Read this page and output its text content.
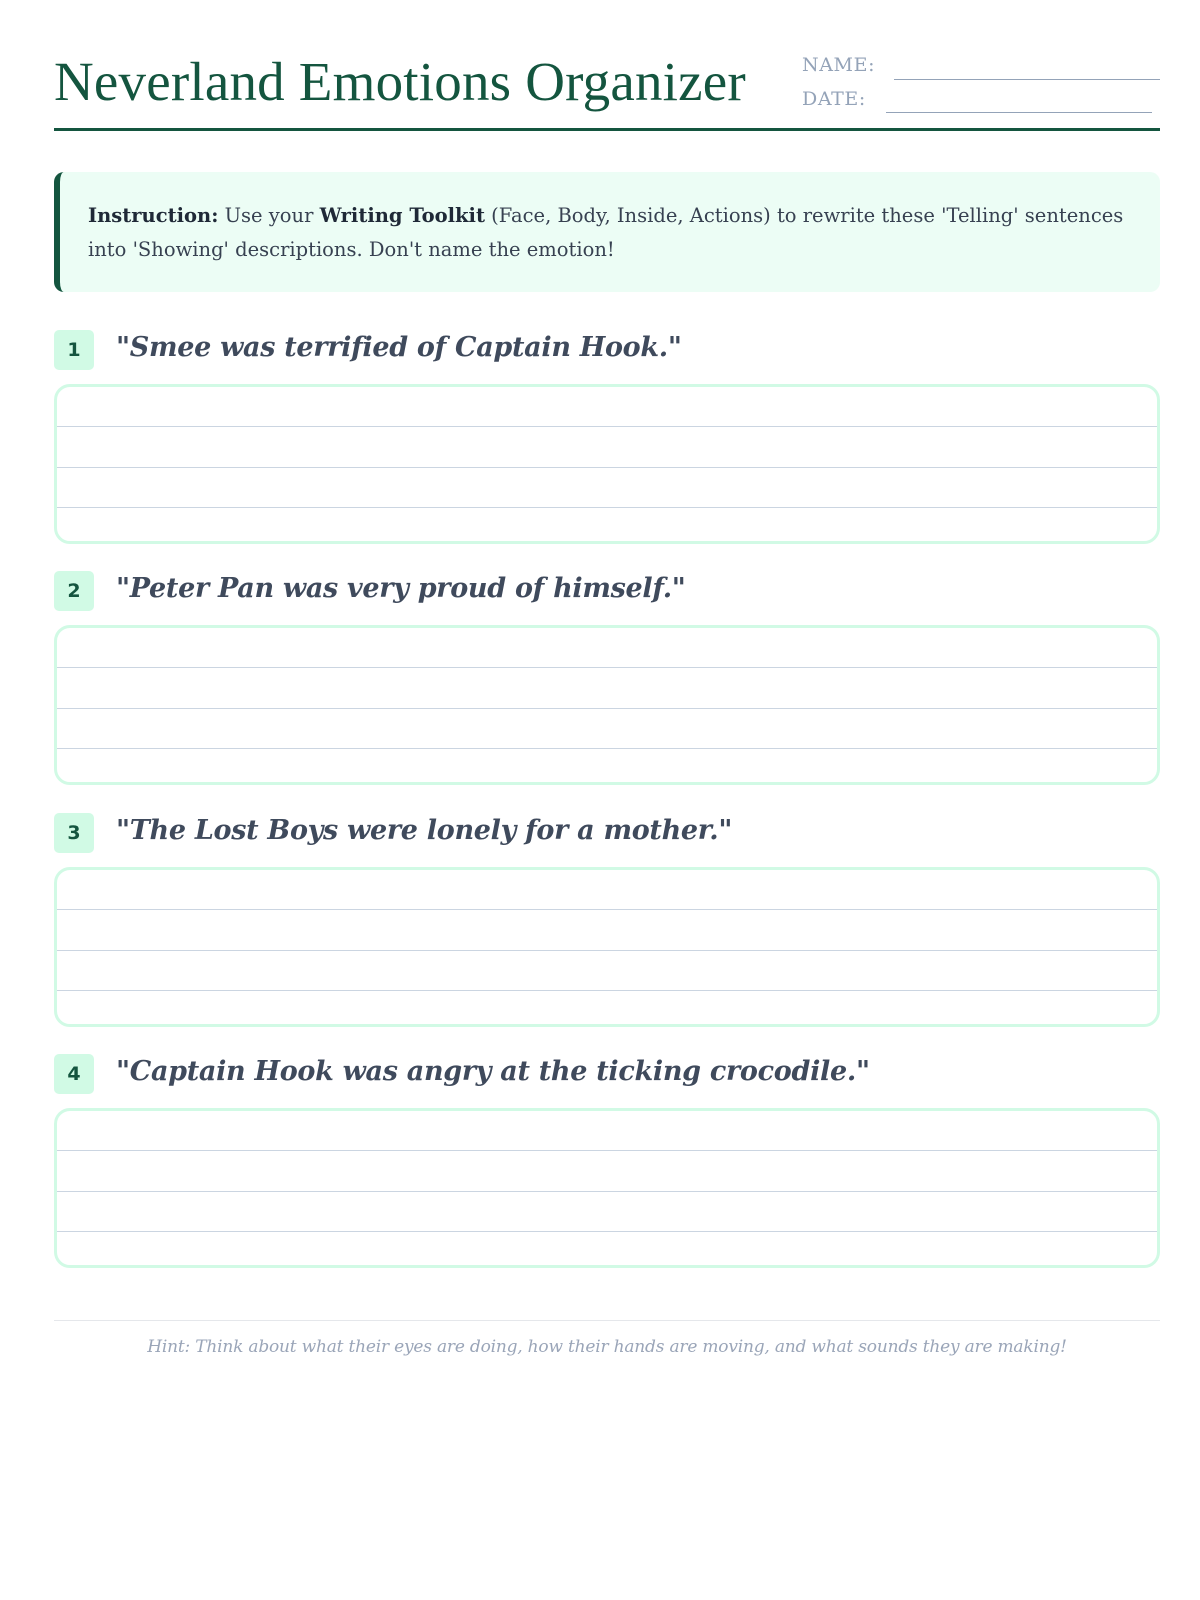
Neverland Emotions Organizer	NAME:
DATE:
Instruction: Use your Writing Toolkit (Face, Body, Inside, Actions) to rewrite these 'Telling' sentences into 'Showing' descriptions. Don't name the emotion!
1	"Smee was terrified of Captain Hook."
2	"Peter Pan was very proud of himself."
3	"The Lost Boys were lonely for a mother."
4	"Captain Hook was angry at the ticking crocodile."
Hint: Think about what their eyes are doing, how their hands are moving, and what sounds they are making!
